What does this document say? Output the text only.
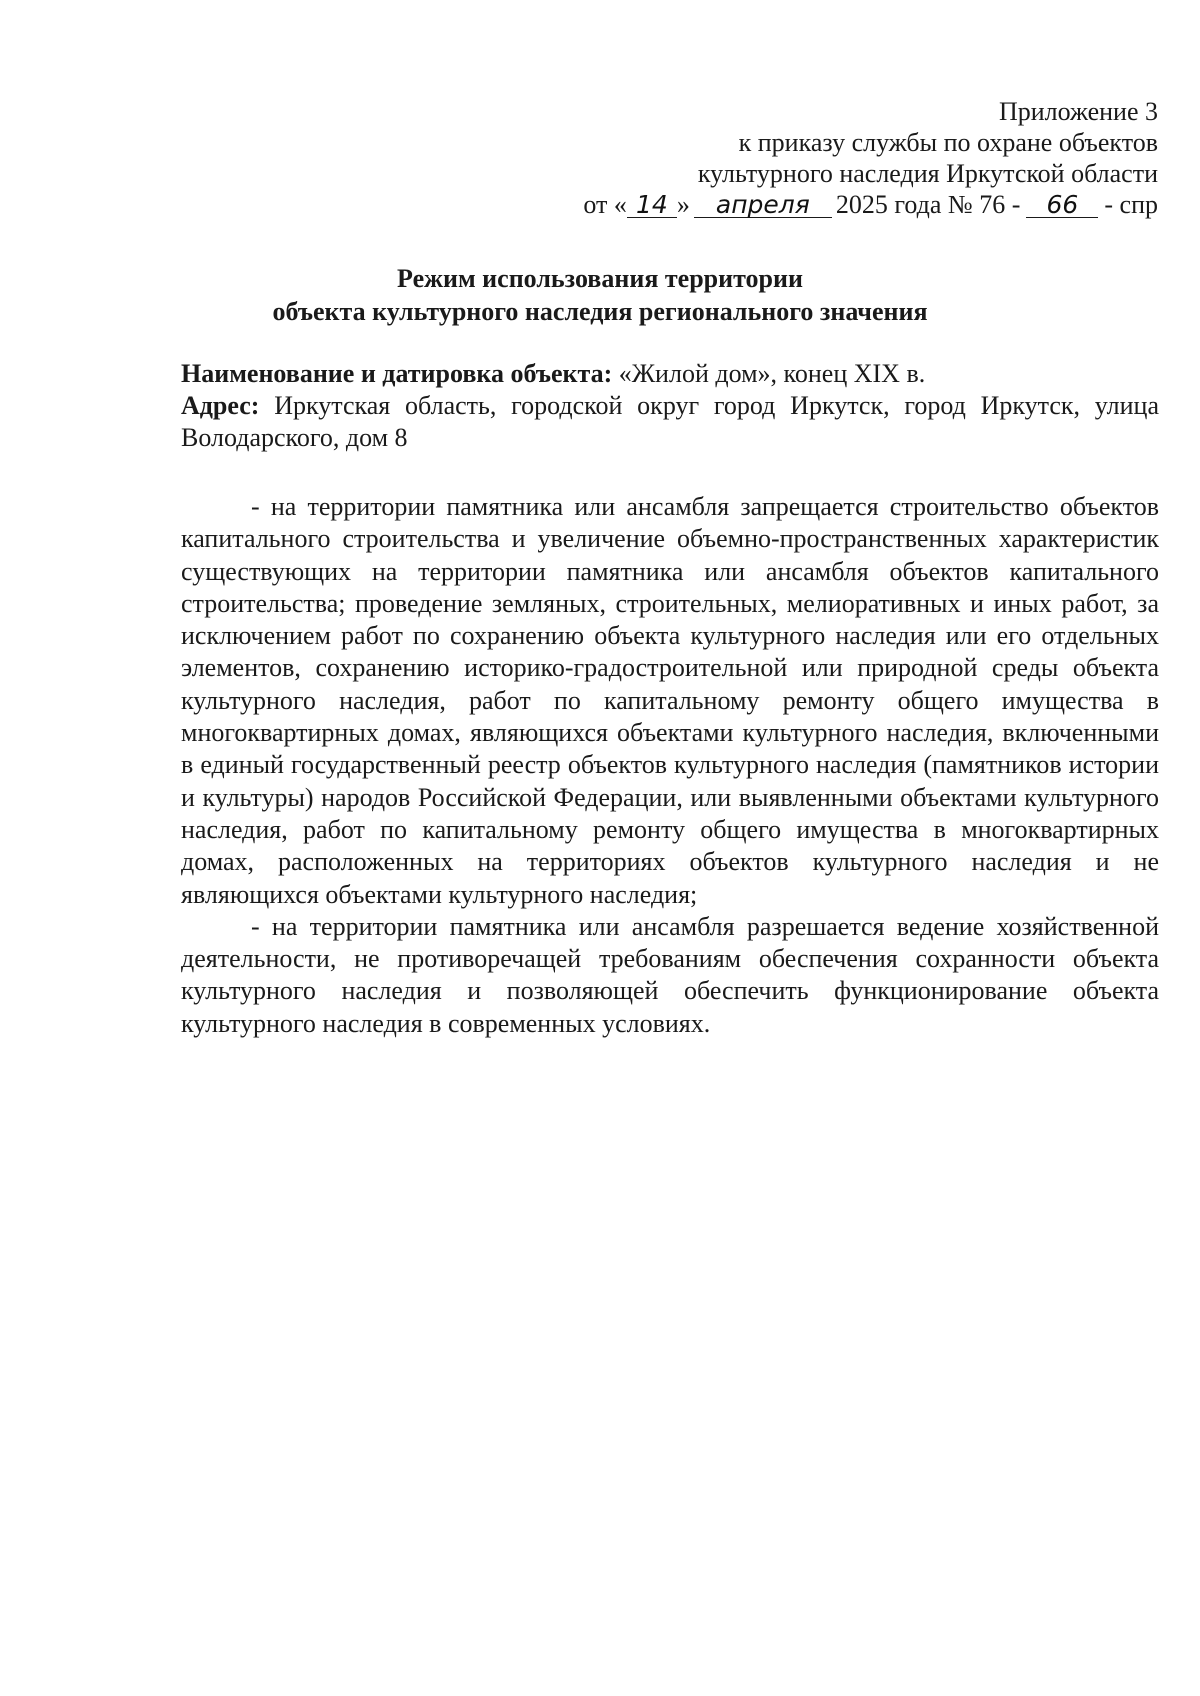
Приложение 3
к приказу службы по охране объектов
культурного наследия Иркутской области
от « 14 » апреля 2025 года № 76 - 66 - спр
Режим использования территории
объекта культурного наследия регионального значения

Наименование и датировка объекта: «Жилой дом», конец XIX в.

Адрес: Иркутская область, городской округ город Иркутск, город Иркутск, улица Володарского, дом 8

- на территории памятника или ансамбля запрещается строительство объектов капитального строительства и увеличение объемно-пространственных характеристик существующих на территории памятника или ансамбля объектов капитального строительства; проведение земляных, строительных, мелиоративных и иных работ, за исключением работ по сохранению объекта культурного наследия или его отдельных элементов, сохранению историко-градостроительной или природной среды объекта культурного наследия, работ по капитальному ремонту общего имущества в многоквартирных домах, являющихся объектами культурного наследия, включенными в единый государственный реестр объектов культурного наследия (памятников истории и культуры) народов Российской Федерации, или выявленными объектами культурного наследия, работ по капитальному ремонту общего имущества в многоквартирных домах, расположенных на территориях объектов культурного наследия и не являющихся объектами культурного наследия;

- на территории памятника или ансамбля разрешается ведение хозяйственной деятельности, не противоречащей требованиям обеспечения сохранности объекта культурного наследия и позволяющей обеспечить функционирование объекта культурного наследия в современных условиях.
